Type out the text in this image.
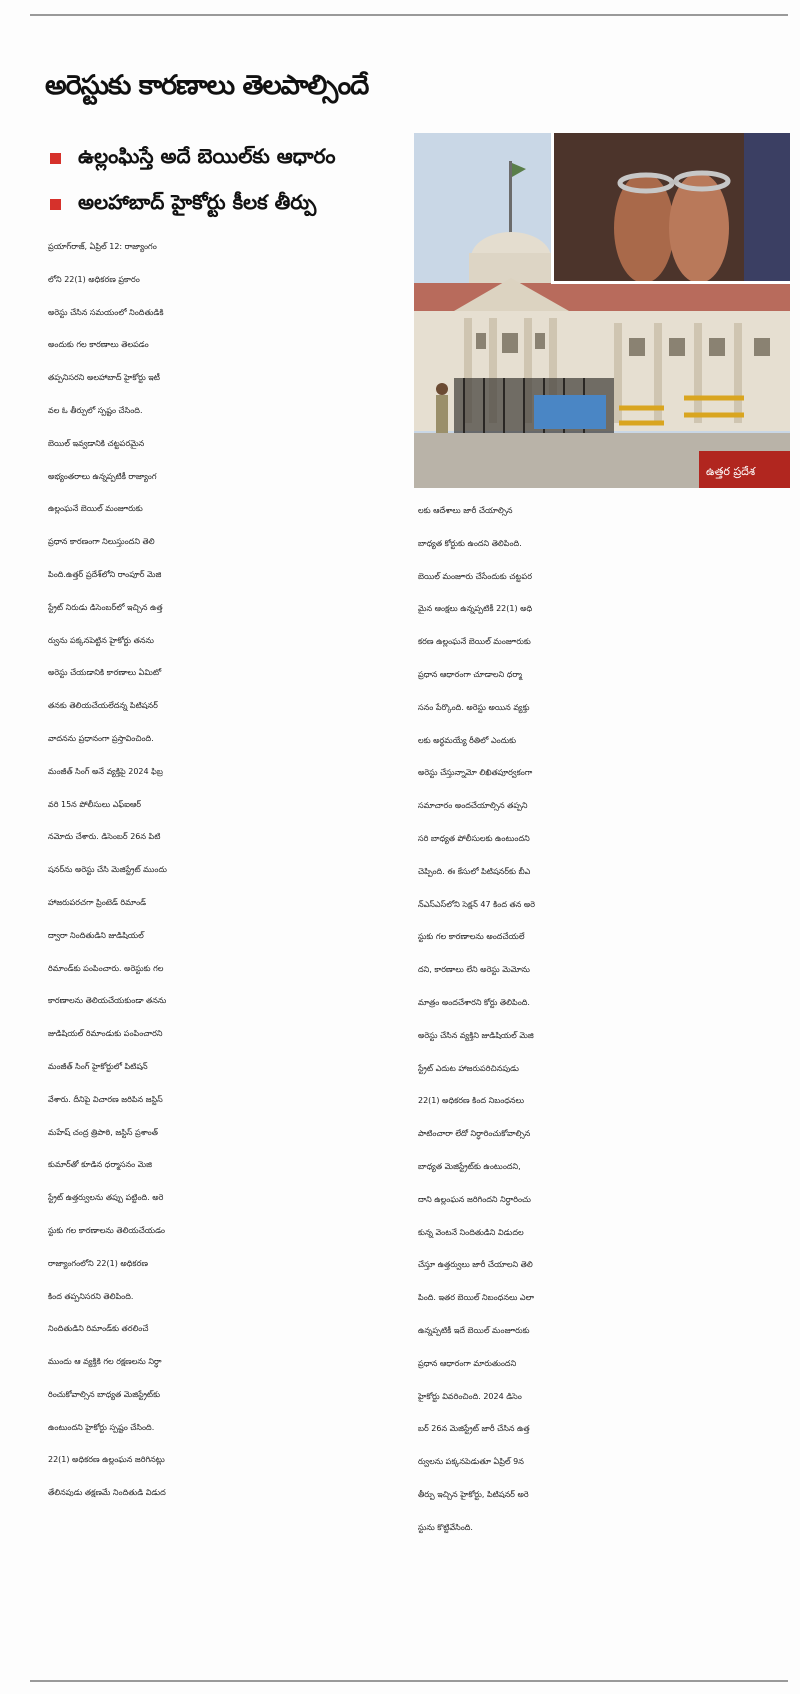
అరెస్టుకు కారణాలు తెలపాల్సిందే
ఉల్లంఘిస్తే అదే బెయిల్‌కు ఆధారం
అలహాబాద్ హైకోర్టు కీలక తీర్పు
ఉత్తర ప్రదేశ
ప్రయాగ్‌రాజ్, ఏప్రిల్ 12: రాజ్యాంగం
లోని 22(1) అధికరణ ప్రకారం
అరెస్టు చేసిన సమయంలో నిందితుడికి
అందుకు గల కారణాలు తెలపడం
తప్పనిసరని అలహాబాద్ హైకోర్టు ఇటీ
వల ఓ తీర్పులో స్పష్టం చేసింది.
బెయిల్ ఇవ్వడానికి చట్టపరమైన
అభ్యంతరాలు ఉన్నప్పటికీ రాజ్యాంగ
ఉల్లంఘనే బెయిల్ మంజూరుకు
ప్రధాన కారణంగా నిలుస్తుందని తెలి
పింది.ఉత్తర్ ప్రదేశ్‌లోని రాంపూర్ మెజి
స్ట్రేట్ నిరుడు డిసెంబర్‌లో ఇచ్చిన ఉత్త
ర్వును పక్కనపెట్టిన హైకోర్టు తనను
అరెస్టు చేయడానికి కారణాలు ఏమిటో
తనకు తెలియచేయలేదన్న పిటిషనర్
వాదనను ప్రధానంగా ప్రస్తావించింది.
మంజీత్ సింగ్ అనే వ్యక్తిపై 2024 ఫిబ్ర
వరి 15న పోలీసులు ఎఫ్‌ఐఆర్
నమోదు చేశారు. డిసెంబర్ 26న పిటి
షనర్‌ను అరెస్టు చేసి మెజిస్ట్రేట్ ముందు
హాజరుపరచగా ప్రింటెడ్ రిమాండ్
ద్వారా నిందితుడిని జుడిషియల్
రిమాండ్‌కు పంపించారు. అరెస్టుకు గల
కారణాలను తెలియచేయకుండా తనను
జుడిషియల్ రిమాండుకు పంపించారని
మంజీత్ సింగ్ హైకోర్టులో పిటిషన్
వేశారు. దీనిపై విచారణ జరిపిన జస్టిస్
మహేష్ చంద్ర త్రిపాఠి, జస్టిస్ ప్రశాంత్
కుమార్‌తో కూడిన ధర్మాసనం మెజి
స్ట్రేట్ ఉత్తర్వులను తప్పు పట్టింది. అరె
స్టుకు గల కారణాలను తెలియచేయడం
రాజ్యాంగంలోని 22(1) అధికరణ
కింద తప్పనిసరని తెలిపింది.
నిందితుడిని రిమాండ్‌కు తరలించే
ముందు ఆ వ్యక్తికి గల రక్షణలను నిర్ధా
రించుకోవాల్సిన బాధ్యత మెజిస్ట్రేట్‌కు
ఉంటుందని హైకోర్టు స్పష్టం చేసింది.
22(1) అధికరణ ఉల్లంఘన జరిగినట్లు
తేలినపుడు తక్షణమే నిందితుడి విడుద
లకు ఆదేశాలు జారీ చేయాల్సిన
బాధ్యత కోర్టుకు ఉందని తెలిపింది.
బెయిల్ మంజూరు చేసేందుకు చట్టపర
మైన ఆంక్షలు ఉన్నప్పటికీ 22(1) అధి
కరణ ఉల్లంఘనే బెయిల్ మంజూరుకు
ప్రధాన ఆధారంగా చూడాలని ధర్మా
సనం పేర్కొంది. అరెస్టు అయిన వ్యక్తు
లకు అర్థమయ్యే రీతిలో ఎందుకు
అరెస్టు చేస్తున్నామో లిఖితపూర్వకంగా
సమాచారం అందచేయాల్సిన తప్పని
సరి బాధ్యత పోలీసులకు ఉంటుందని
చెప్పింది. ఈ కేసులో పిటిషనర్‌కు బీఎ
న్‌ఎస్‌ఎస్‌లోని సెక్షన్ 47 కింద తన అరె
స్టుకు గల కారణాలను అందచేయలే
దని, కారణాలు లేని అరెస్టు మెమోను
మాత్రం అందచేశారని కోర్టు తెలిపింది.
అరెస్టు చేసిన వ్యక్తిని జుడిషియల్ మెజి
స్ట్రేట్ ఎదుట హాజరుపరిచినపుడు
22(1) అధికరణ కింద నిబంధనలు
పాటించారా లేదో నిర్ధారించుకోవాల్సిన
బాధ్యత మెజిస్ట్రేట్‌కు ఉంటుందని,
దాని ఉల్లంఘన జరిగిందని నిర్ధారించు
కున్న వెంటనే నిందితుడిని విడుదల
చేస్తూ ఉత్తర్వులు జారీ చేయాలని తెలి
పింది. ఇతర బెయిల్ నిబంధనలు ఎలా
ఉన్నప్పటికీ ఇదే బెయిల్ మంజూరుకు
ప్రధాన ఆధారంగా మారుతుందని
హైకోర్టు వివరించింది. 2024 డిసెం
బర్ 26న మెజిస్ట్రేట్ జారీ చేసిన ఉత్త
ర్వులను పక్కనపెడుతూ ఏప్రిల్ 9న
తీర్పు ఇచ్చిన హైకోర్టు, పిటిషనర్ అరె
స్టును కొట్టివేసింది.
